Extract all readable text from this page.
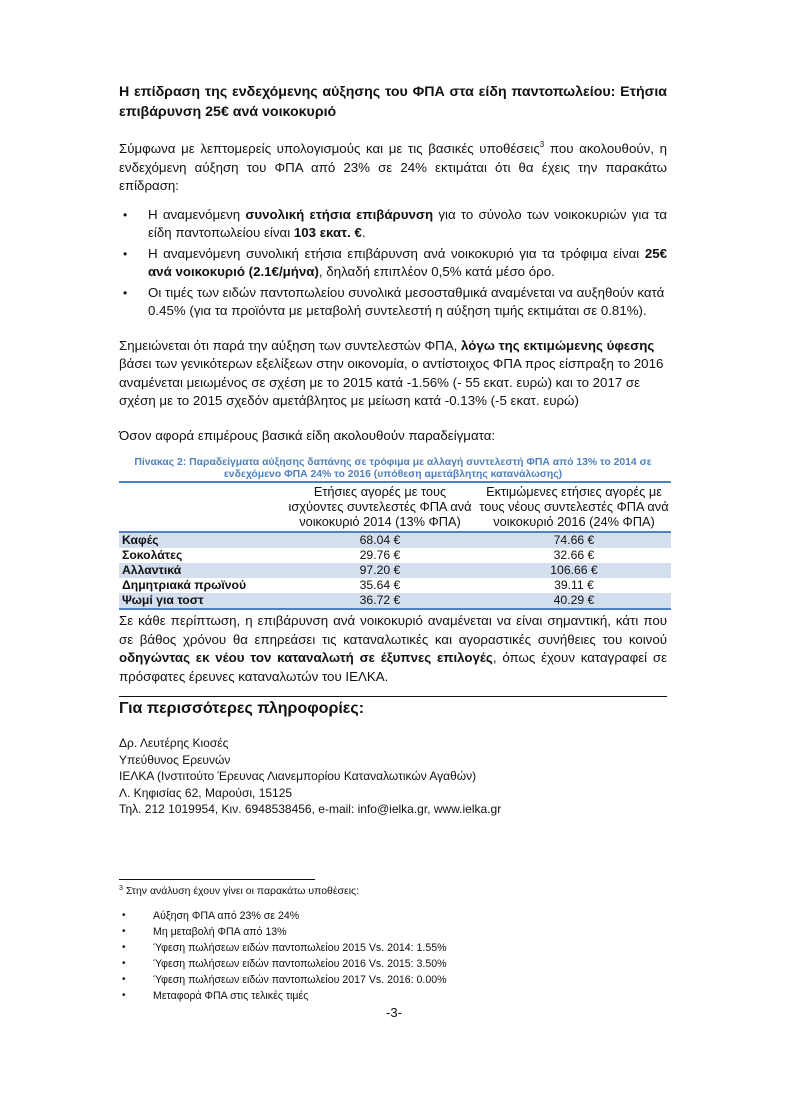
Η επίδραση της ενδεχόμενης αύξησης του ΦΠΑ στα είδη παντοπωλείου: Ετήσια
επιβάρυνση 25€ ανά νοικοκυριό

Σύμφωνα με λεπτομερείς υπολογισμούς και με τις βασικές υποθέσεις$^3$ που ακολουθούν, η ενδεχόμενη αύξηση του ΦΠΑ από 23% σε 24% εκτιμάται ότι θα έχεις την παρακάτω επίδραση:

• Η αναμενόμενη συνολική ετήσια επιβάρυνση για το σύνολο των νοικοκυριών για τα είδη παντοπωλείου είναι 103 εκατ. €.
• Η αναμενόμενη συνολική ετήσια επιβάρυνση ανά νοικοκυριό για τα τρόφιμα είναι 25€ ανά νοικοκυριό (2.1€/μήνα), δηλαδή επιπλέον 0,5% κατά μέσο όρο.
• Οι τιμές των ειδών παντοπωλείου συνολικά μεσοσταθμικά αναμένεται να αυξηθούν κατά 0.45% (για τα προϊόντα με μεταβολή συντελεστή η αύξηση τιμής εκτιμάται σε 0.81%).

Σημειώνεται ότι παρά την αύξηση των συντελεστών ΦΠΑ, λόγω της εκτιμώμενης ύφεσης βάσει των γενικότερων εξελίξεων στην οικονομία, ο αντίστοιχος ΦΠΑ προς είσπραξη το 2016 αναμένεται μειωμένος σε σχέση με το 2015 κατά -1.56% (- 55 εκατ. ευρώ) και το 2017 σε σχέση με το 2015 σχεδόν αμετάβλητος με μείωση κατά -0.13% (-5 εκατ. ευρώ)

Όσον αφορά επιμέρους βασικά είδη ακολουθούν παραδείγματα:

Πίνακας 2: Παραδείγματα αύξησης δαπάνης σε τρόφιμα με αλλαγή συντελεστή ΦΠΑ από 13% το 2014 σε
ενδεχόμενο ΦΠΑ 24% το 2016 (υπόθεση αμετάβλητης κατανάλωσης)
	Ετήσιες αγορές με τους ισχύοντες συντελεστές ΦΠΑ ανά νοικοκυριό 2014 (13% ΦΠΑ)	Εκτιμώμενες ετήσιες αγορές με τους νέους συντελεστές ΦΠΑ ανά νοικοκυριό 2016 (24% ΦΠΑ)
Καφές	68.04 €	74.66 €
Σοκολάτες	29.76 €	32.66 €
Αλλαντικά	97.20 €	106.66 €
Δημητριακά πρωϊνού	35.64 €	39.11 €
Ψωμί για τοστ	36.72 €	40.29 €

Σε κάθε περίπτωση, η επιβάρυνση ανά νοικοκυριό αναμένεται να είναι σημαντική, κάτι που σε βάθος χρόνου θα επηρεάσει τις καταναλωτικές και αγοραστικές συνήθειες του κοινού οδηγώντας εκ νέου τον καταναλωτή σε έξυπνες επιλογές, όπως έχουν καταγραφεί σε πρόσφατες έρευνες καταναλωτών του ΙΕΛΚΑ.

Για περισσότερες πληροφορίες:
Δρ. Λευτέρης Κιοσές
Υπεύθυνος Ερευνών
ΙΕΛΚΑ (Ινστιτούτο Έρευνας Λιανεμπορίου Καταναλωτικών Αγαθών)
Λ. Κηφισίας 62, Μαρούσι, 15125
Τηλ. 212 1019954, Κιν. 6948538456, e-mail: info@ielka.gr, www.ielka.gr
$^3$ Στην ανάλυση έχουν γίνει οι παρακάτω υποθέσεις:
• Αύξηση ΦΠΑ από 23% σε 24%
• Μη μεταβολή ΦΠΑ από 13%
• Ύφεση πωλήσεων ειδών παντοπωλείου 2015 Vs. 2014: 1.55%
• Ύφεση πωλήσεων ειδών παντοπωλείου 2016 Vs. 2015: 3.50%
• Ύφεση πωλήσεων ειδών παντοπωλείου 2017 Vs. 2016: 0.00%
• Μεταφορά ΦΠΑ στις τελικές τιμές
-3-
